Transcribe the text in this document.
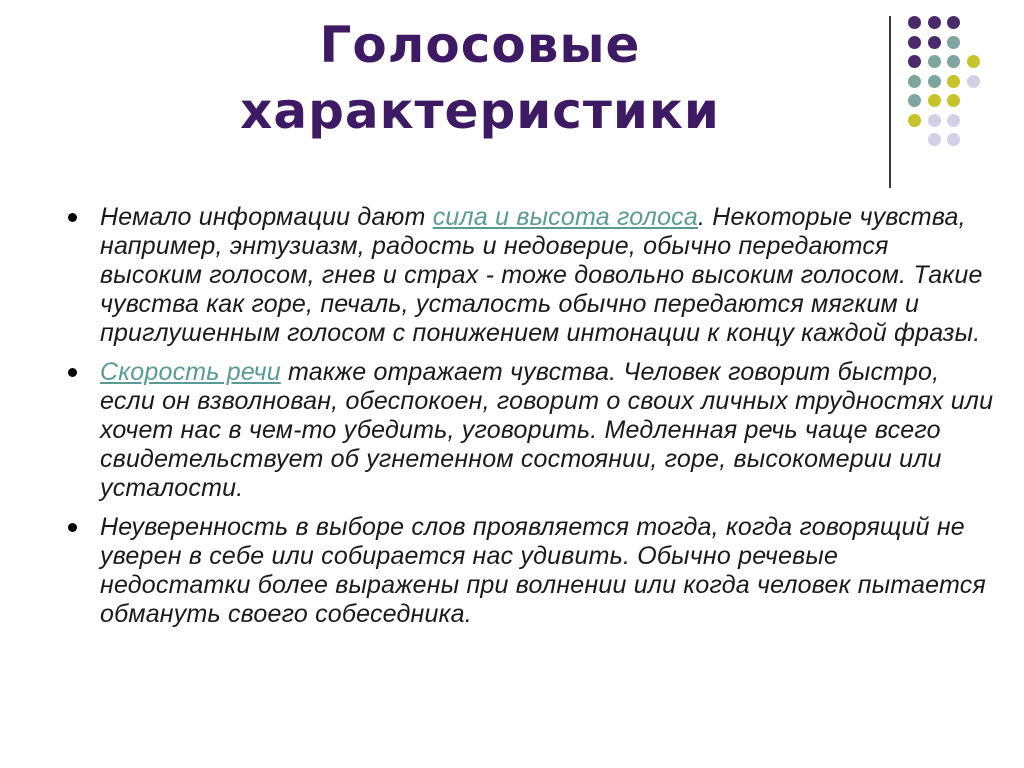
Голосовые
характеристики
Немало информации дают сила и высота голоса. Некоторые чувства, например, энтузиазм, радость и недоверие, обычно передаются высоким голосом, гнев и страх - тоже довольно высоким голосом. Такие чувства как горе, печаль, усталость обычно передаются мягким и приглушенным голосом с понижением интонации к концу каждой фразы.
Скорость речи также отражает чувства. Человек говорит быстро, если он взволнован, обеспокоен, говорит о своих личных трудностях или хочет нас в чем-то убедить, уговорить. Медленная речь чаще всего свидетельствует об угнетенном состоянии, горе, высокомерии или усталости.
Неуверенность в выборе слов проявляется тогда, когда говорящий не уверен в себе или собирается нас удивить. Обычно речевые недостатки более выражены при волнении или когда человек пытается обмануть своего собеседника.
